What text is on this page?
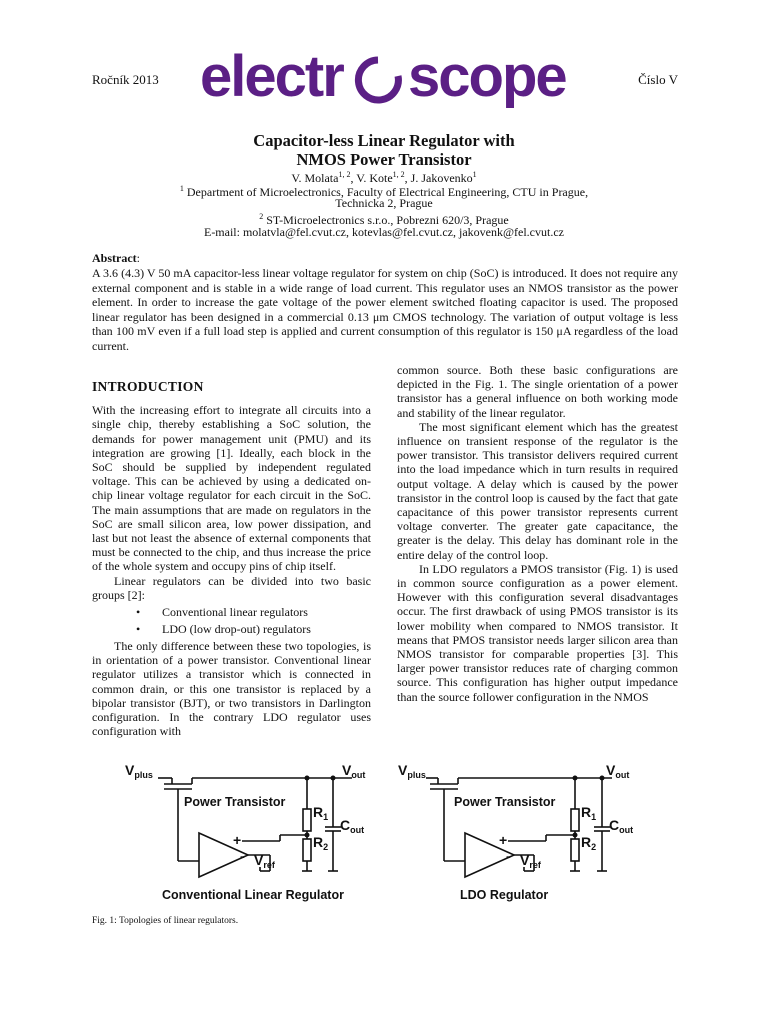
Ročník 2013	Číslo V
electr scope
Capacitor-less Linear Regulator with
NMOS Power Transistor
V. Molata$^{1, 2}$, V. Kote$^{1, 2}$, J. Jakovenko$^1$
$^1$ Department of Microelectronics, Faculty of Electrical Engineering, CTU in Prague,
Technicka 2, Prague
$^2$ ST-Microelectronics s.r.o., Pobrezni 620/3, Prague
E-mail: molatvla@fel.cvut.cz, kotevlas@fel.cvut.cz, jakovenk@fel.cvut.cz
Abstract:
A 3.6 (4.3) V 50 mA capacitor-less linear voltage regulator for system on chip (SoC) is introduced. It does not require any external component and is stable in a wide range of load current. This regulator uses an NMOS transistor as the power element. In order to increase the gate voltage of the power element switched floating capacitor is used. The proposed linear regulator has been designed in a commercial 0.13 μm CMOS technology. The variation of output voltage is less than 100 mV even if a full load step is applied and current consumption of this regulator is 150 μA regardless of the load current.
INTRODUCTION

With the increasing effort to integrate all circuits into a single chip, thereby establishing a SoC solution, the demands for power management unit (PMU) and its integration are growing [1]. Ideally, each block in the SoC should be supplied by independent regulated voltage. This can be achieved by using a dedicated on-chip linear voltage regulator for each circuit in the SoC. The main assumptions that are made on regulators in the SoC are small silicon area, low power dissipation, and last but not least the absence of external components that must be connected to the chip, and thus increase the price of the whole system and occupy pins of chip itself.

Linear regulators can be divided into two basic groups [2]:

• Conventional linear regulators
• LDO (low drop-out) regulators

The only difference between these two topologies, is in orientation of a power transistor. Conventional linear regulator utilizes a transistor which is connected in common drain, or this one transistor is replaced by a bipolar transistor (BJT), or two transistors in Darlington configuration. In the contrary LDO regulator uses configuration with

common source. Both these basic configurations are depicted in the Fig. 1. The single orientation of a power transistor has a general influence on both working mode and stability of the linear regulator.

The most significant element which has the greatest influence on transient response of the regulator is the power transistor. This transistor delivers required current into the load impedance which in turn results in required output voltage. A delay which is caused by the power transistor in the control loop is caused by the fact that gate capacitance of this power transistor represents current voltage converter. The greater gate capacitance, the greater is the delay. This delay has dominant role in the entire delay of the control loop.

In LDO regulators a PMOS transistor (Fig. 1) is used in common source configuration as a power element. However with this configuration several disadvantages occur. The first drawback of using PMOS transistor is its lower mobility when compared to NMOS transistor. It means that PMOS transistor needs larger silicon area than NMOS transistor for comparable properties [3]. This larger power transistor reduces rate of charging common source. This configuration has higher output impedance than the source follower configuration in the NMOS

$V_{plus}$	$V_{out}$
Power Transistor
$R_1$
$R_2$
$C_{out}$
$V_{ref}$
+
-
Conventional Linear Regulator
$V_{plus}$	$V_{out}$
Power Transistor
$R_1$
$R_2$
$C_{out}$
$V_{ref}$
+
-
LDO Regulator
Fig. 1: Topologies of linear regulators.
